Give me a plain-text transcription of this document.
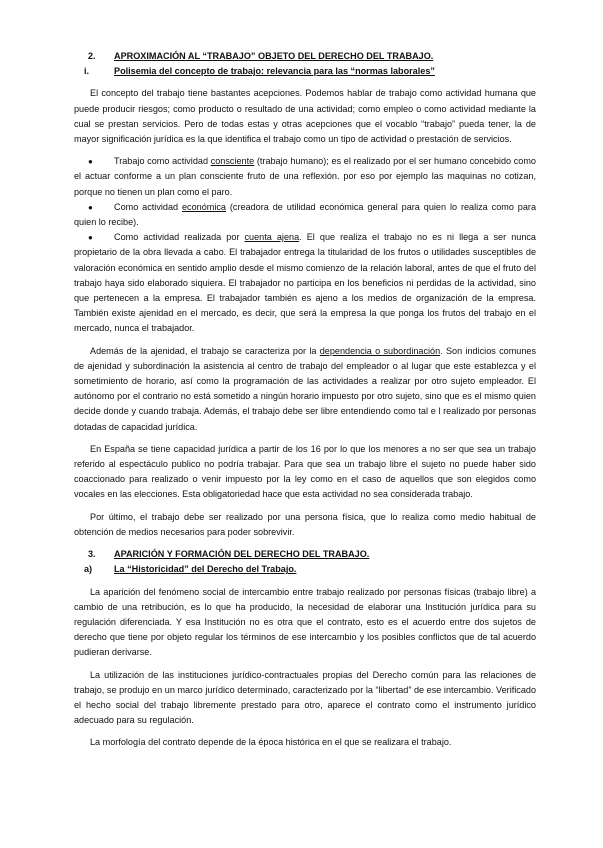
2. APROXIMACIÓN AL “TRABAJO” OBJETO DEL DERECHO DEL TRABAJO.
i.	Polisemia del concepto de trabajo: relevancia para las “normas laborales”

El concepto del trabajo tiene bastantes acepciones. Podemos hablar de trabajo como actividad humana que puede producir riesgos; como producto o resultado de una actividad; como empleo o como actividad mediante la cual se prestan servicios. Pero de todas estas y otras acepciones que el vocablo “trabajo” pueda tener, la de mayor significación jurídica es la que identifica el trabajo como un tipo de actividad o prestación de servicios.

● Trabajo como actividad consciente (trabajo humano); es el realizado por el ser humano concebido como el actuar conforme a un plan consciente fruto de una reflexión. por eso por ejemplo las maquinas no cotizan, porque no tienen un plan como el paro.
● Como actividad económica (creadora de utilidad económica general para quien lo realiza como para quien lo recibe).
● Como actividad realizada por cuenta ajena. El que realiza el trabajo no es ni llega a ser nunca propietario de la obra llevada a cabo. El trabajador entrega la titularidad de los frutos o utilidades susceptibles de valoración económica en sentido amplio desde el mismo comienzo de la relación laboral, antes de que el fruto del trabajo haya sido elaborado siquiera. El trabajador no participa en los beneficios ni perdidas de la actividad, sino que pertenecen a la empresa. El trabajador también es ajeno a los medios de organización de la empresa. También existe ajenidad en el mercado, es decir, que será la empresa la que ponga los frutos del trabajo en el mercado, nunca el trabajador.

Además de la ajenidad, el trabajo se caracteriza por la dependencia o subordinación. Son indicios comunes de ajenidad y subordinación la asistencia al centro de trabajo del empleador o al lugar que este establezca y el sometimiento de horario, así como la programación de las actividades a realizar por otro sujeto empleador. El autónomo por el contrario no está sometido a ningún horario impuesto por otro sujeto, sino que es el mismo quien decide donde y cuando trabaja. Además, el trabajo debe ser libre entendiendo como tal e l realizado por personas dotadas de capacidad jurídica.

En España se tiene capacidad jurídica a partir de los 16 por lo que los menores a no ser que sea un trabajo referido al espectáculo publico no podría trabajar. Para que sea un trabajo libre el sujeto no puede haber sido coaccionado para realizado o venir impuesto por la ley como en el caso de aquellos que son elegidos como vocales en las elecciones. Esta obligatoriedad hace que esta actividad no sea considerada trabajo.

Por último, el trabajo debe ser realizado por una persona física, que lo realiza como medio habitual de obtención de medios necesarios para poder sobrevivir.

3. APARICIÓN Y FORMACIÓN DEL DERECHO DEL TRABAJO.
a) La “Historicidad” del Derecho del Trabajo.

La aparición del fenómeno social de intercambio entre trabajo realizado por personas físicas (trabajo libre) a cambio de una retribución, es lo que ha producido, la necesidad de elaborar una Institución jurídica para su regulación diferenciada. Y esa Institución no es otra que el contrato, esto es el acuerdo entre dos sujetos de derecho que tiene por objeto regular los términos de ese intercambio y los posibles conflictos que de tal acuerdo pudieran derivarse.

La utilización de las instituciones jurídico-contractuales propias del Derecho común para las relaciones de trabajo, se produjo en un marco jurídico determinado, caracterizado por la “libertad” de ese intercambio. Verificado el hecho social del trabajo libremente prestado para otro, aparece el contrato como el instrumento jurídico adecuado para su regulación.

La morfología del contrato depende de la época histórica en el que se realizara el trabajo.
